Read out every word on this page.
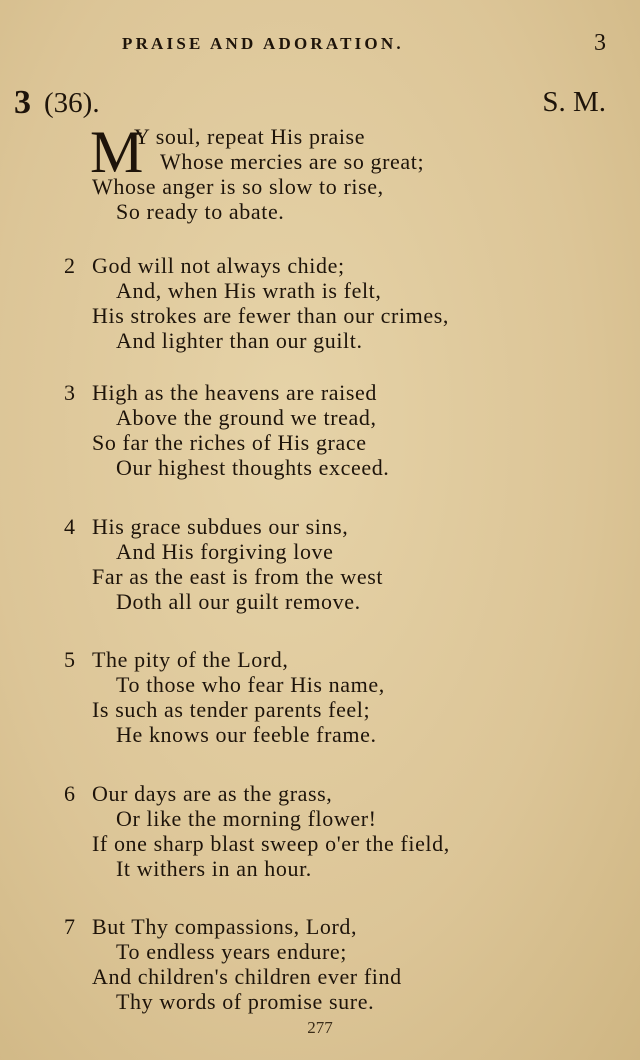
PRAISE AND ADORATION.	3
3 (36).	S. M.
M
Y soul, repeat His praise
Whose mercies are so great;
Whose anger is so slow to rise,
So ready to abate.
2 God will not always chide;
And, when His wrath is felt,
His strokes are fewer than our crimes,
And lighter than our guilt.
3 High as the heavens are raised
Above the ground we tread,
So far the riches of His grace
Our highest thoughts exceed.
4 His grace subdues our sins,
And His forgiving love
Far as the east is from the west
Doth all our guilt remove.
5 The pity of the Lord,
To those who fear His name,
Is such as tender parents feel;
He knows our feeble frame.
6 Our days are as the grass,
Or like the morning flower!
If one sharp blast sweep o'er the field,
It withers in an hour.
7 But Thy compassions, Lord,
To endless years endure;
And children's children ever find
Thy words of promise sure.
277
